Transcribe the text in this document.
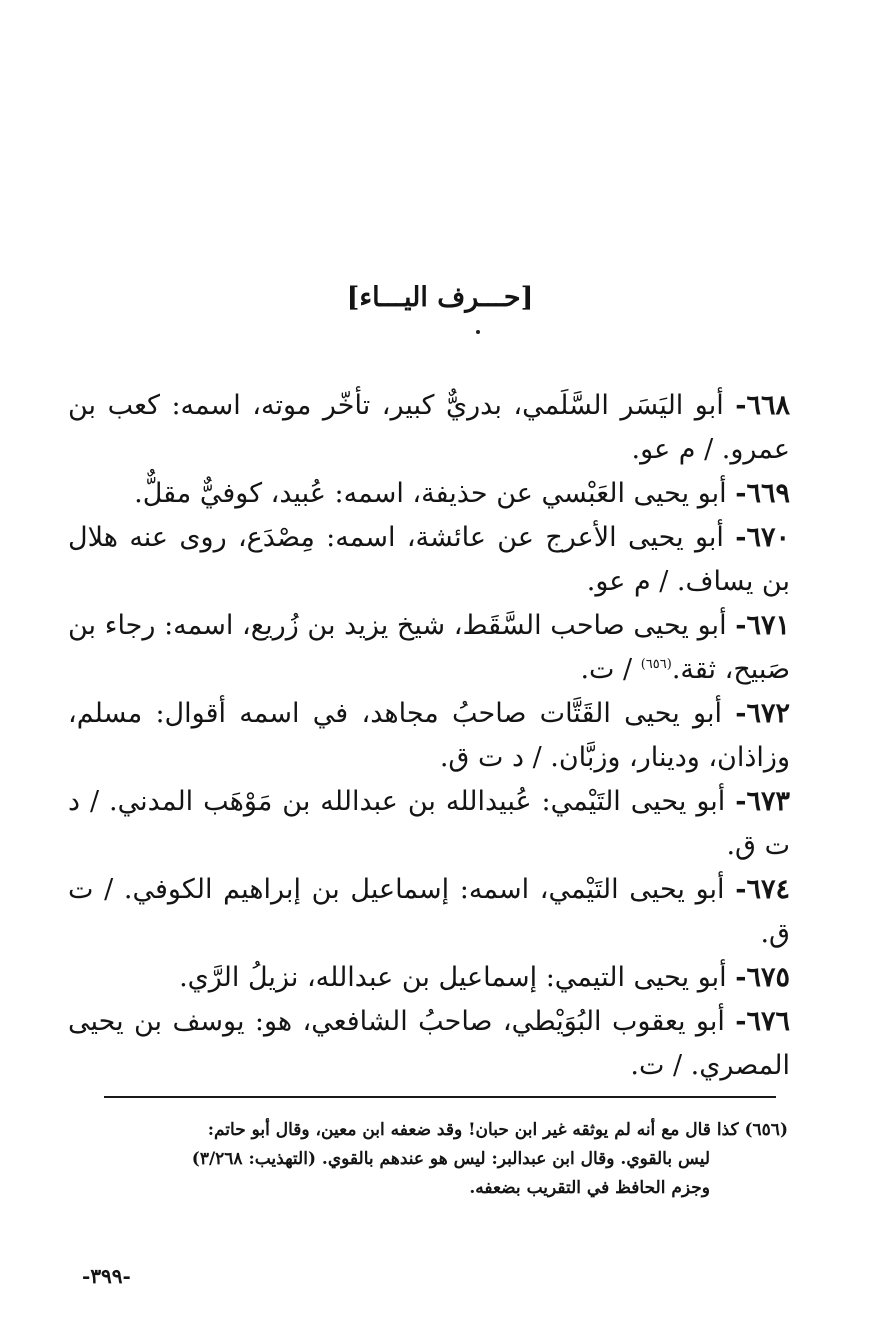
[حـــرف اليـــاء]

٦٦٨- أبو اليَسَر السَّلَمي، بدريٌّ كبير، تأخّر موته، اسمه: كعب بن عمرو. / م عو.

٦٦٩- أبو يحيى العَبْسي عن حذيفة، اسمه: عُبيد، كوفيٌّ مقلٌّ.

٦٧٠- أبو يحيى الأعرج عن عائشة، اسمه: مِصْدَع، روى عنه هلال بن يساف. / م عو.

٦٧١- أبو يحيى صاحب السَّقَط، شيخ يزيد بن زُريع، اسمه: رجاء بن صَبيح، ثقة.$^{(٦٥٦)}$ / ت.

٦٧٢- أبو يحيى القَتَّات صاحبُ مجاهد، في اسمه أقوال: مسلم، وزاذان، ودينار، وزبَّان. / د ت ق.

٦٧٣- أبو يحيى التَيْمي: عُبيدالله بن عبدالله بن مَوْهَب المدني. / د ت ق.

٦٧٤- أبو يحيى التَيْمي، اسمه: إسماعيل بن إبراهيم الكوفي. / ت ق.

٦٧٥- أبو يحيى التيمي: إسماعيل بن عبدالله، نزيلُ الرَّي.

٦٧٦- أبو يعقوب البُوَيْطي، صاحبُ الشافعي، هو: يوسف بن يحيى المصري. / ت.

(٦٥٦) كذا قال مع أنه لم يوثقه غير ابن حبان! وقد ضعفه ابن معين، وقال أبو حاتم:

ليس بالقوي. وقال ابن عبدالبر: ليس هو عندهم بالقوي. (التهذيب: ٣/٢٦٨)

وجزم الحافظ في التقريب بضعفه.

-٣٩٩-
